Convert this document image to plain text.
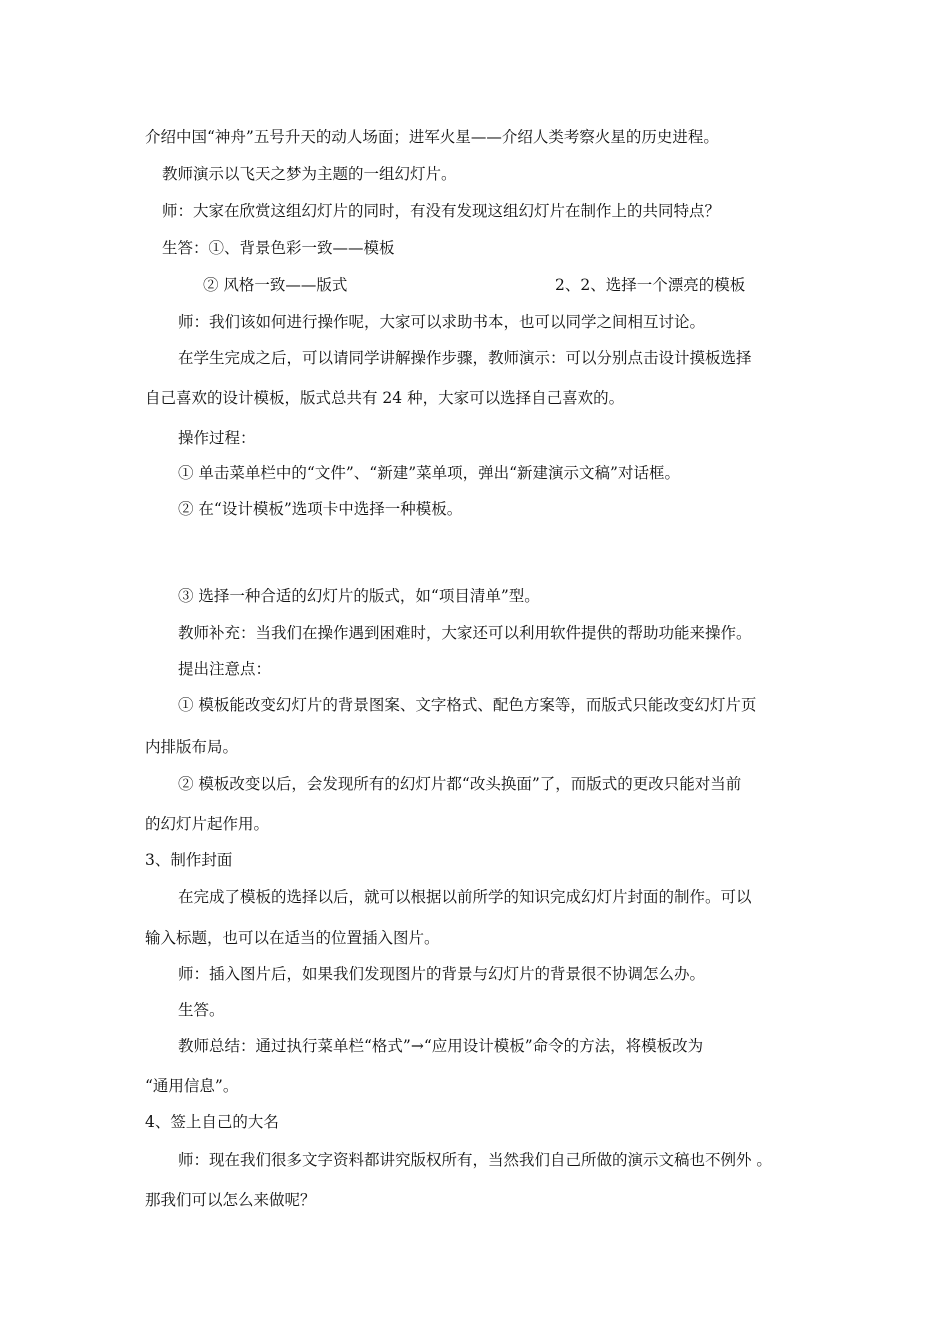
介绍中国“神舟”五号升天的动人场面；进军火星——介绍人类考察火星的历史进程。
教师演示以飞天之梦为主题的一组幻灯片。
师：大家在欣赏这组幻灯片的同时，有没有发现这组幻灯片在制作上的共同特点？
生答：①、背景色彩一致——模板
② 风格一致——版式	2、2、选择一个漂亮的模板
师：我们该如何进行操作呢，大家可以求助书本，也可以同学之间相互讨论。
在学生完成之后，可以请同学讲解操作步骤，教师演示：可以分别点击设计摸板选择
自己喜欢的设计模板，版式总共有 24 种，大家可以选择自己喜欢的。
操作过程：
① 单击菜单栏中的“文件”、“新建”菜单项，弹出“新建演示文稿”对话框。
② 在“设计模板”选项卡中选择一种模板。
③ 选择一种合适的幻灯片的版式，如“项目清单”型。
教师补充：当我们在操作遇到困难时，大家还可以利用软件提供的帮助功能来操作。
提出注意点：
① 模板能改变幻灯片的背景图案、文字格式、配色方案等，而版式只能改变幻灯片页
内排版布局。
② 模板改变以后，会发现所有的幻灯片都“改头换面”了，而版式的更改只能对当前
的幻灯片起作用。
3、制作封面
在完成了模板的选择以后，就可以根据以前所学的知识完成幻灯片封面的制作。可以
输入标题，也可以在适当的位置插入图片。
师：插入图片后，如果我们发现图片的背景与幻灯片的背景很不协调怎么办。
生答。
教师总结：通过执行菜单栏“格式”→“应用设计模板”命令的方法，将模板改为
“通用信息”。
4、签上自己的大名
师：现在我们很多文字资料都讲究版权所有，当然我们自己所做的演示文稿也不例外 。
那我们可以怎么来做呢？
